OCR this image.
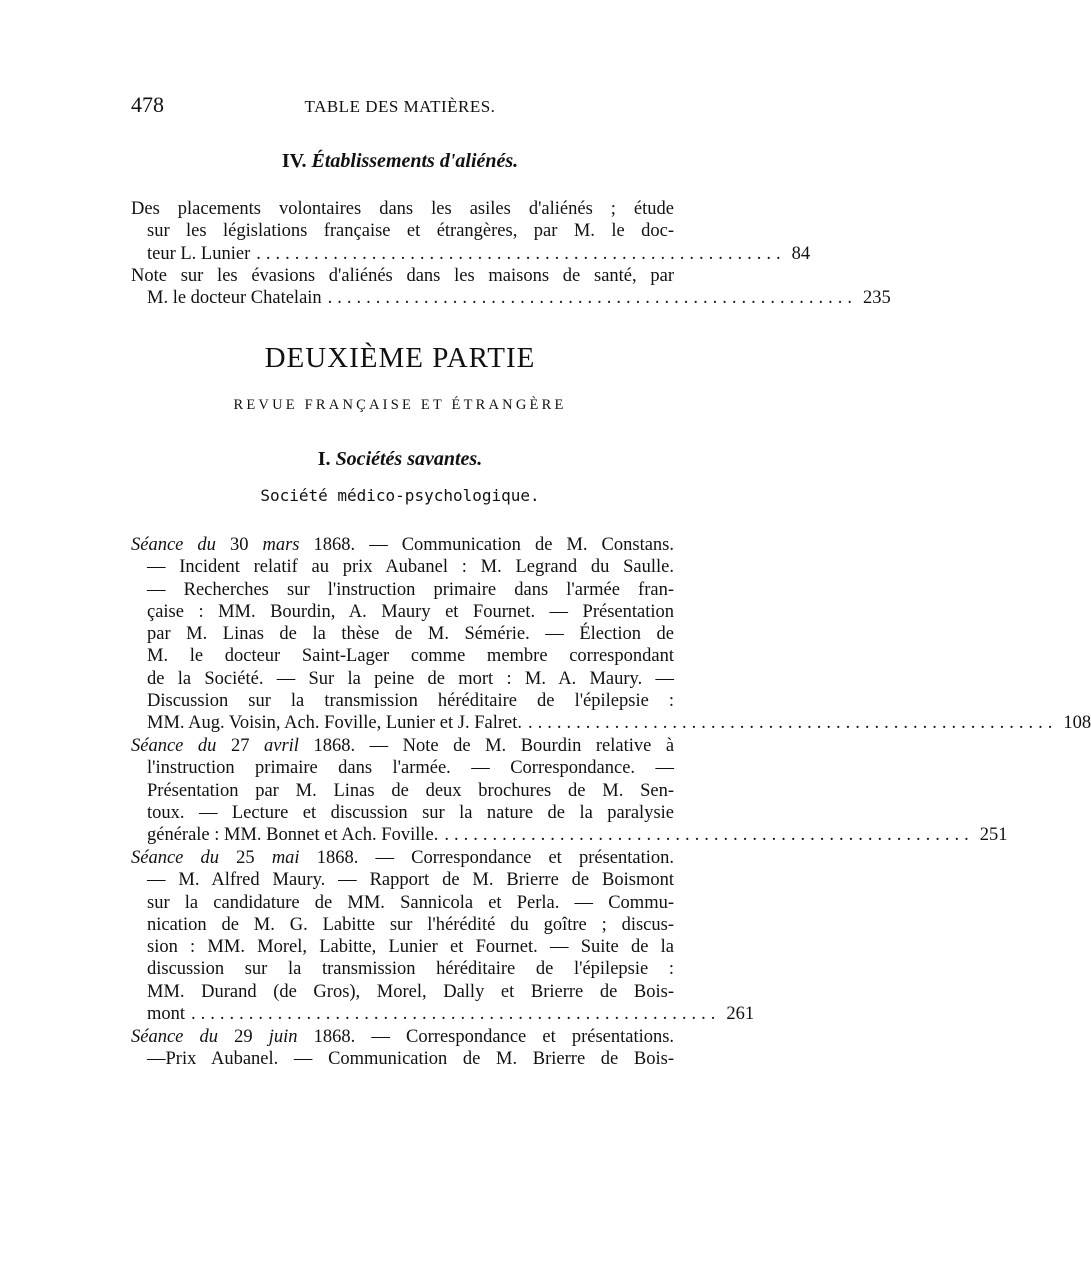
478	TABLE DES MATIÈRES.
IV. Établissements d'aliénés.
Des placements volontaires dans les asiles d'aliénés ; étude
sur les législations française et étrangères, par M. le doc-
teur L. Lunier ....................................................... 84
Note sur les évasions d'aliénés dans les maisons de santé, par
M. le docteur Chatelain ....................................................... 235
DEUXIÈME PARTIE
REVUE FRANÇAISE ET ÉTRANGÈRE
I. Sociétés savantes.
Société médico-psychologique.
Séance du 30 mars 1868. — Communication de M. Constans.
— Incident relatif au prix Aubanel : M. Legrand du Saulle.
— Recherches sur l'instruction primaire dans l'armée fran-
çaise : MM. Bourdin, A. Maury et Fournet. — Présentation
par M. Linas de la thèse de M. Sémérie. — Élection de
M. le docteur Saint-Lager comme membre correspondant
de la Société. — Sur la peine de mort : M. A. Maury. —
Discussion sur la transmission héréditaire de l'épilepsie :
MM. Aug. Voisin, Ach. Foville, Lunier et J. Falret. ....................................................... 108
Séance du 27 avril 1868. — Note de M. Bourdin relative à
l'instruction primaire dans l'armée. — Correspondance. —
Présentation par M. Linas de deux brochures de M. Sen-
toux. — Lecture et discussion sur la nature de la paralysie
générale : MM. Bonnet et Ach. Foville. ....................................................... 251
Séance du 25 mai 1868. — Correspondance et présentation.
— M. Alfred Maury. — Rapport de M. Brierre de Boismont
sur la candidature de MM. Sannicola et Perla. — Commu-
nication de M. G. Labitte sur l'hérédité du goître ; discus-
sion : MM. Morel, Labitte, Lunier et Fournet. — Suite de la
discussion sur la transmission héréditaire de l'épilepsie :
MM. Durand (de Gros), Morel, Dally et Brierre de Bois-
mont ....................................................... 261
Séance du 29 juin 1868. — Correspondance et présentations.
—Prix Aubanel. — Communication de M. Brierre de Bois-
